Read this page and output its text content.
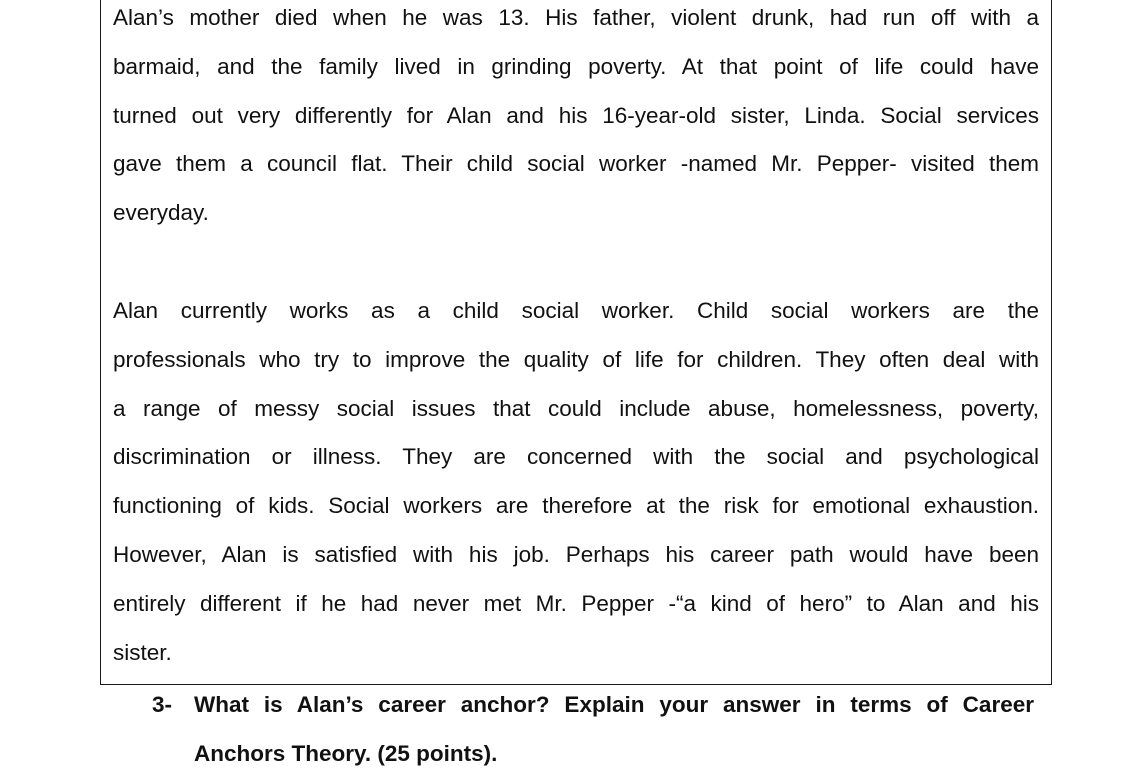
Alan’s mother died when he was 13. His father, violent drunk, had run off with a
barmaid, and the family lived in grinding poverty. At that point of life could have
turned out very differently for Alan and his 16-year-old sister, Linda. Social services
gave them a council flat. Their child social worker -named Mr. Pepper- visited them
everyday.

Alan currently works as a child social worker. Child social workers are the
professionals who try to improve the quality of life for children. They often deal with
a range of messy social issues that could include abuse, homelessness, poverty,
discrimination or illness. They are concerned with the social and psychological
functioning of kids. Social workers are therefore at the risk for emotional exhaustion.
However, Alan is satisfied with his job. Perhaps his career path would have been
entirely different if he had never met Mr. Pepper -“a kind of hero” to Alan and his
sister.

3- What is Alan’s career anchor? Explain your answer in terms of Career
Anchors Theory. (25 points).
